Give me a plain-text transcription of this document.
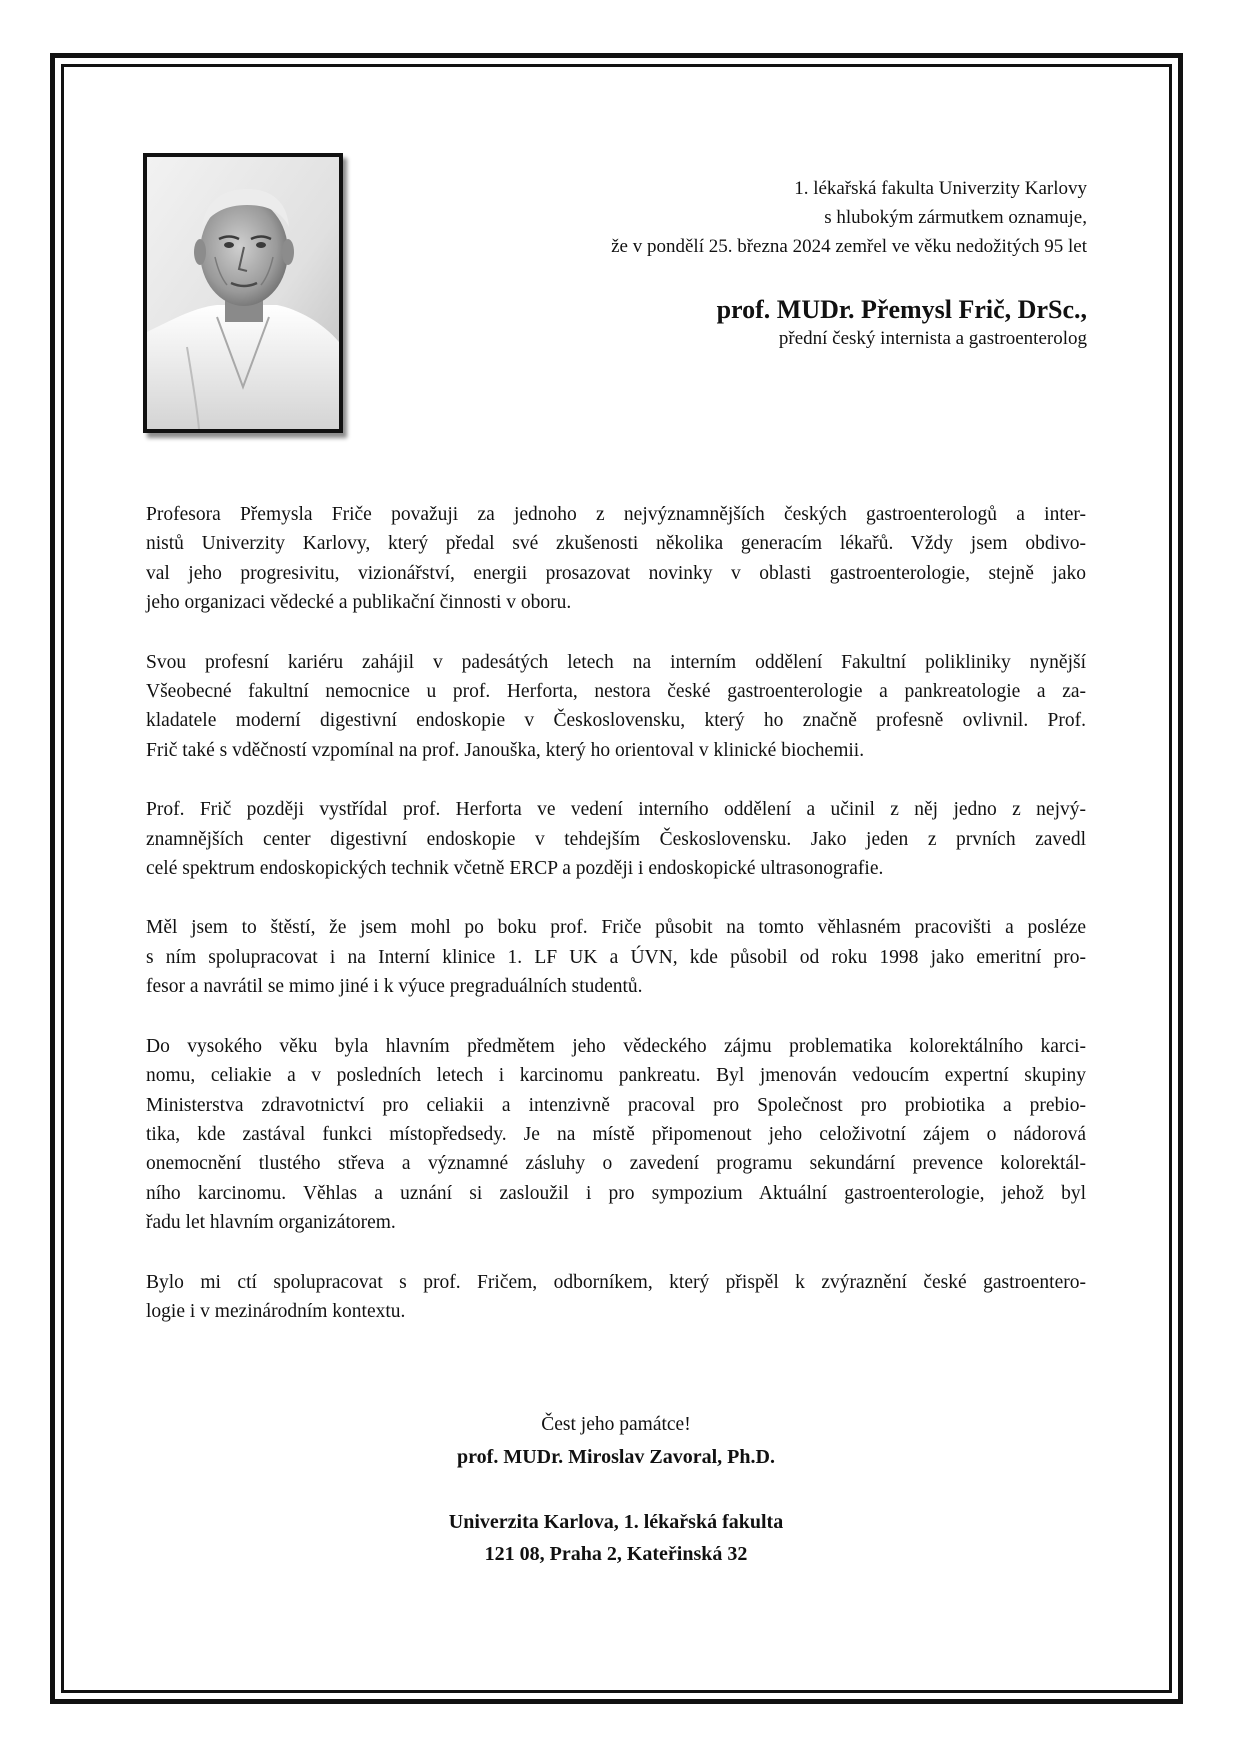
1. lékařská fakulta Univerzity Karlovy
s hlubokým zármutkem oznamuje,
že v pondělí 25. března 2024 zemřel ve věku nedožitých 95 let
prof. MUDr. Přemysl Frič, DrSc.,
přední český internista a gastroenterolog

Profesora Přemysla Friče považuji za jednoho z nejvýznamnějších českých gastroenterologů a inter-
nistů Univerzity Karlovy, který předal své zkušenosti několika generacím lékařů. Vždy jsem obdivo-
val jeho progresivitu, vizionářství, energii prosazovat novinky v oblasti gastroenterologie, stejně jako
jeho organizaci vědecké a publikační činnosti v oboru.

Svou profesní kariéru zahájil v padesátých letech na interním oddělení Fakultní polikliniky nynější
Všeobecné fakultní nemocnice u prof. Herforta, nestora české gastroenterologie a pankreatologie a za-
kladatele moderní digestivní endoskopie v Československu, který ho značně profesně ovlivnil. Prof.
Frič také s vděčností vzpomínal na prof. Janouška, který ho orientoval v klinické biochemii.

Prof. Frič později vystřídal prof. Herforta ve vedení interního oddělení a učinil z něj jedno z nejvý-
znamnějších center digestivní endoskopie v tehdejším Československu. Jako jeden z prvních zavedl
celé spektrum endoskopických technik včetně ERCP a později i endoskopické ultrasonografie.

Měl jsem to štěstí, že jsem mohl po boku prof. Friče působit na tomto věhlasném pracovišti a posléze
s ním spolupracovat i na Interní klinice 1. LF UK a ÚVN, kde působil od roku 1998 jako emeritní pro-
fesor a navrátil se mimo jiné i k výuce pregraduálních studentů.

Do vysokého věku byla hlavním předmětem jeho vědeckého zájmu problematika kolorektálního karci-
nomu, celiakie a v posledních letech i karcinomu pankreatu. Byl jmenován vedoucím expertní skupiny
Ministerstva zdravotnictví pro celiakii a intenzivně pracoval pro Společnost pro probiotika a prebio-
tika, kde zastával funkci místopředsedy. Je na místě připomenout jeho celoživotní zájem o nádorová
onemocnění tlustého střeva a významné zásluhy o zavedení programu sekundární prevence kolorektál-
ního karcinomu. Věhlas a uznání si zasloužil i pro sympozium Aktuální gastroenterologie, jehož byl
řadu let hlavním organizátorem.

Bylo mi ctí spolupracovat s prof. Fričem, odborníkem, který přispěl k zvýraznění české gastroentero-
logie i v mezinárodním kontextu.

Čest jeho památce!
prof. MUDr. Miroslav Zavoral, Ph.D.
Univerzita Karlova, 1. lékařská fakulta
121 08, Praha 2, Kateřinská 32
